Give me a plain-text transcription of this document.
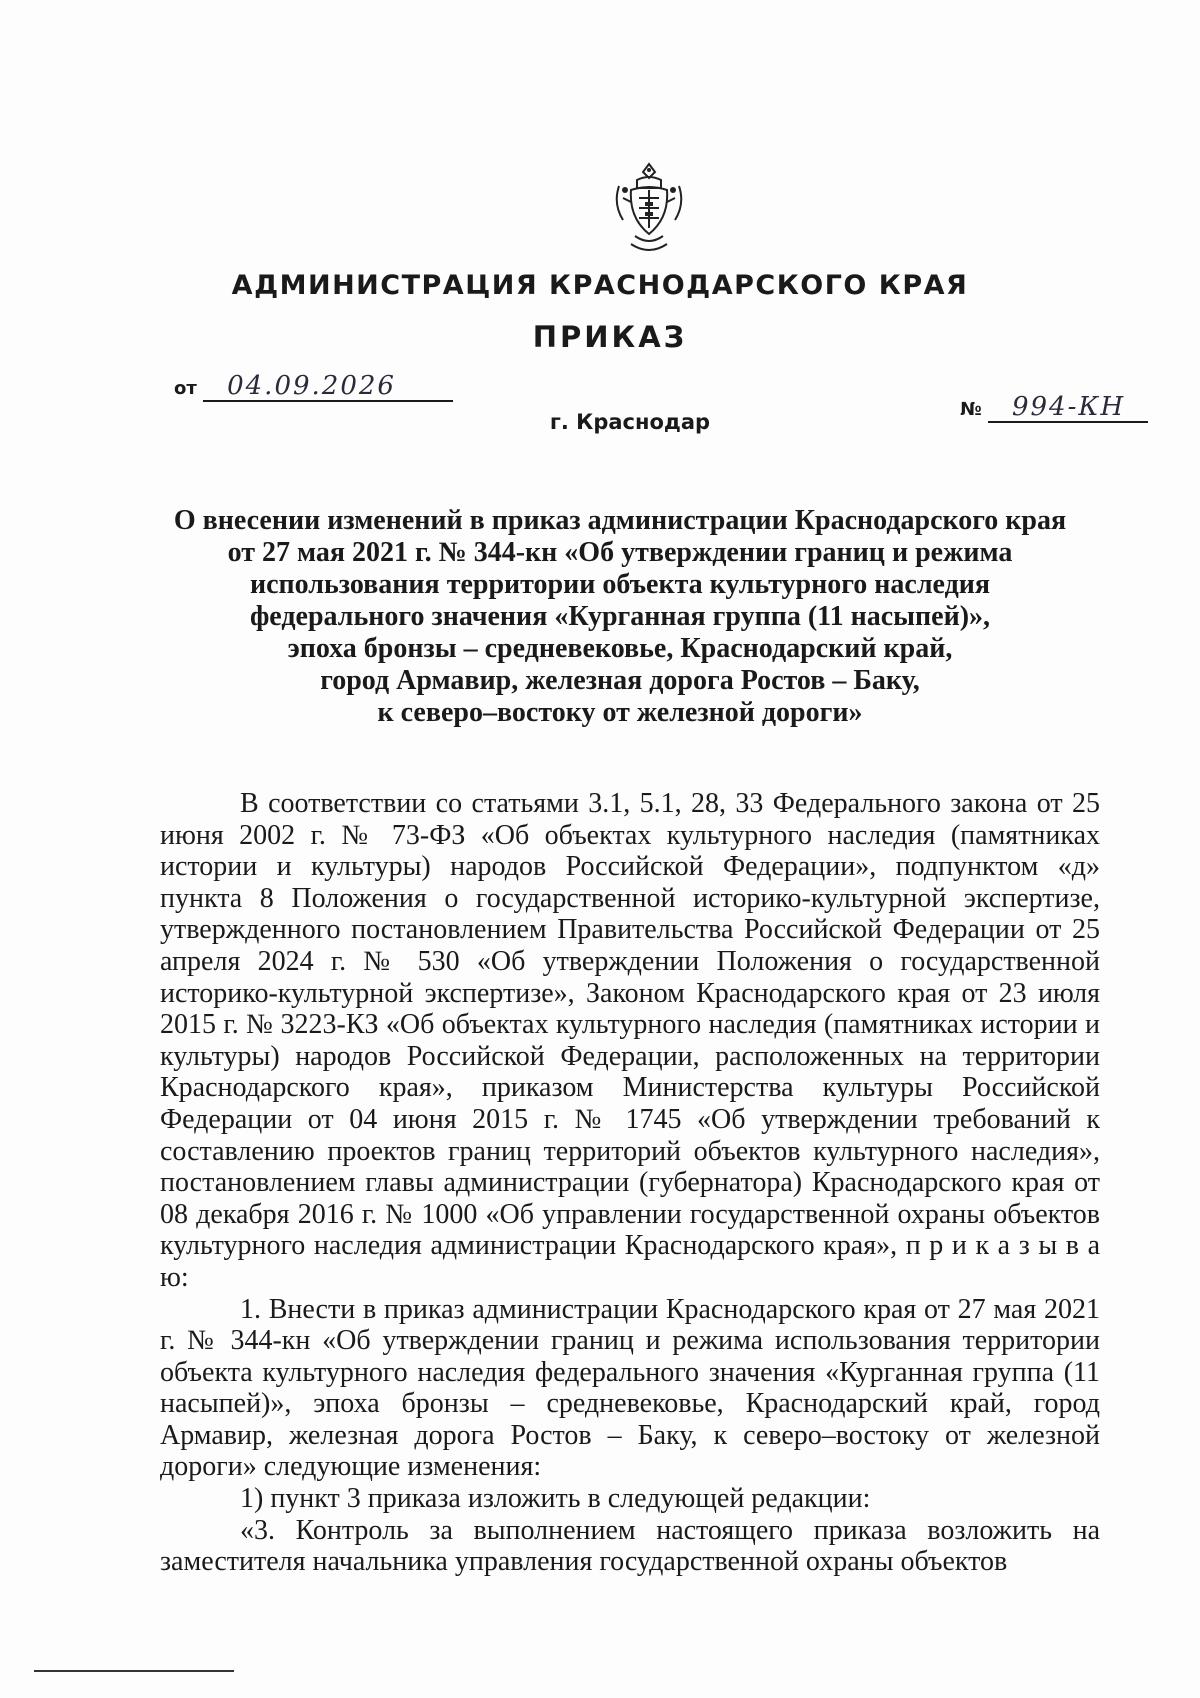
АДМИНИСТРАЦИЯ КРАСНОДАРСКОГО КРАЯ
ПРИКАЗ
от 04.09.2026
№ 994-КН
г. Краснодар
О внесении изменений в приказ администрации Краснодарского края
от 27 мая 2021 г. № 344-кн «Об утверждении границ и режима
использования территории объекта культурного наследия
федерального значения «Курганная группа (11 насыпей)»,
эпоха бронзы – средневековье, Краснодарский край,
город Армавир, железная дорога Ростов – Баку,
к северо–востоку от железной дороги»

В соответствии со статьями 3.1, 5.1, 28, 33 Федерального закона от 25 июня 2002 г. № 73-ФЗ «Об объектах культурного наследия (памятниках истории и культуры) народов Российской Федерации», подпунктом «д» пункта 8 Положения о государственной историко-культурной экспертизе, утвержденного постановлением Правительства Российской Федерации от 25 апреля 2024 г. № 530 «Об утверждении Положения о государственной историко-культурной экспертизе», Законом Краснодарского края от 23 июля 2015 г. № 3223-КЗ «Об объектах культурного наследия (памятниках истории и культуры) народов Российской Федерации, расположенных на территории Краснодарского края», приказом Министерства культуры Российской Федерации от 04 июня 2015 г. № 1745 «Об утверждении требований к составлению проектов границ территорий объектов культурного наследия», постановлением главы администрации (губернатора) Краснодарского края от 08 декабря 2016 г. № 1000 «Об управлении государственной охраны объектов культурного наследия администрации Краснодарского края», п р и к а з ы в а ю:

1. Внести в приказ администрации Краснодарского края от 27 мая 2021 г. № 344-кн «Об утверждении границ и режима использования территории объекта культурного наследия федерального значения «Курганная группа (11 насыпей)», эпоха бронзы – средневековье, Краснодарский край, город Армавир, железная дорога Ростов – Баку, к северо–востоку от железной дороги» следующие изменения:

1) пункт 3 приказа изложить в следующей редакции:

«3. Контроль за выполнением настоящего приказа возложить на заместителя начальника управления государственной охраны объектов
